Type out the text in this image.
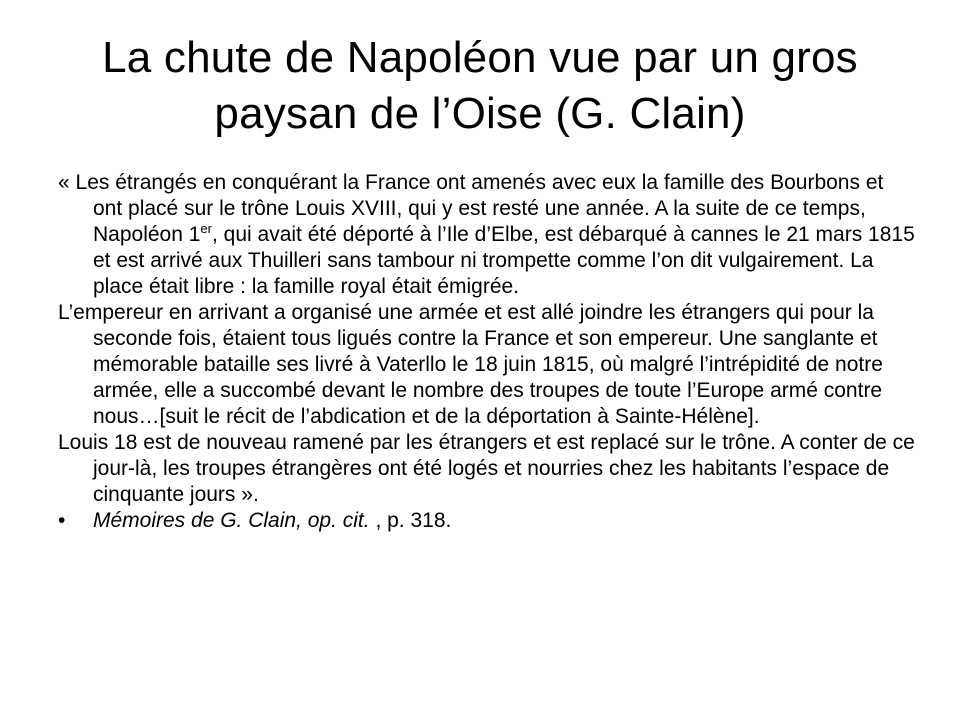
La chute de Napoléon vue par un gros paysan de l’Oise (G. Clain)

« Les étrangés en conquérant la France ont amenés avec eux la famille des Bourbons et ont placé sur le trône Louis XVIII, qui y est resté une année. A la suite de ce temps, Napoléon 1er, qui avait été déporté à l’Ile d’Elbe, est débarqué à cannes le 21 mars 1815 et est arrivé aux Thuilleri sans tambour ni trompette comme l’on dit vulgairement. La place était libre : la famille royal était émigrée.

L’empereur en arrivant a organisé une armée et est allé joindre les étrangers qui pour la seconde fois, étaient tous ligués contre la France et son empereur. Une sanglante et mémorable bataille ses livré à Vaterllo le 18 juin 1815, où malgré l’intrépidité de notre armée, elle a succombé devant le nombre des troupes de toute l’Europe armé contre nous…[suit le récit de l’abdication et de la déportation à Sainte-Hélène].

Louis 18 est de nouveau ramené par les étrangers et est replacé sur le trône. A conter de ce jour-là, les troupes étrangères ont été logés et nourries chez les habitants l’espace de cinquante jours ».

• Mémoires de G. Clain, op. cit. , p. 318.
